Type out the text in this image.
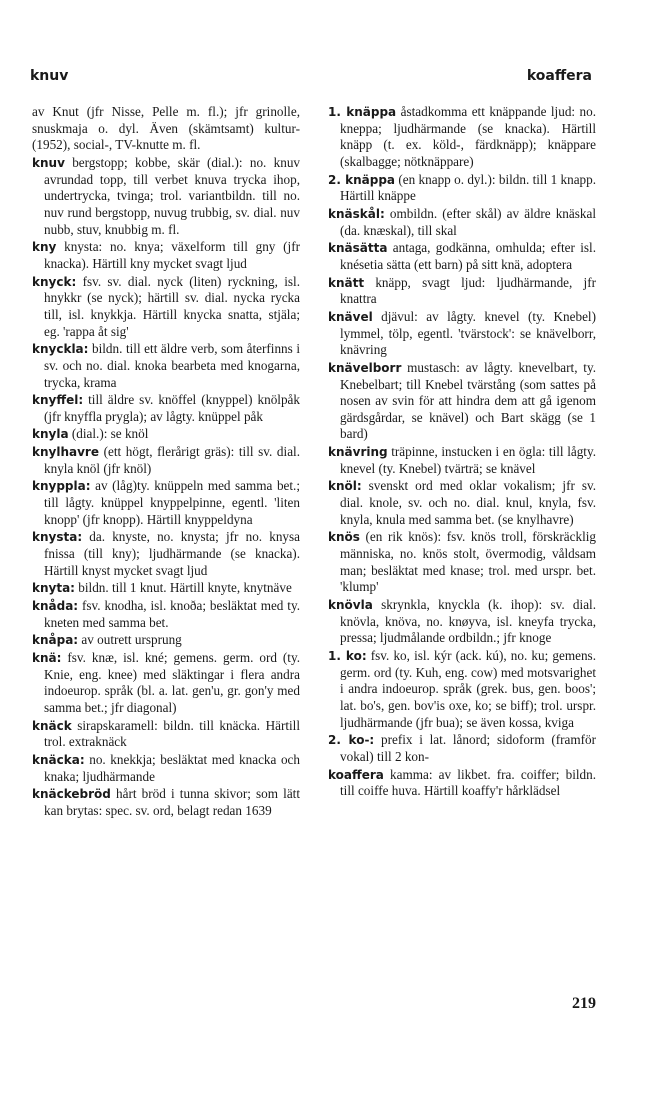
knuv	koaffera

av Knut (jfr Nisse, Pelle m. fl.); jfr grinolle, snuskmaja o. dyl. Även (skämtsamt) kultur- (1952), social-, TV-knutte m. fl.

knuv bergstopp; kobbe, skär (dial.): no. knuv avrundad topp, till verbet knuva trycka ihop, undertrycka, tvinga; trol. variantbildn. till no. nuv rund bergstopp, nuvug trubbig, sv. dial. nuv nubb, stuv, knubbig m. fl.

kny knysta: no. knya; växelform till gny (jfr knacka). Härtill kny mycket svagt ljud

knyck: fsv. sv. dial. nyck (liten) ryckning, isl. hnykkr (se nyck); härtill sv. dial. nycka rycka till, isl. knykkja. Härtill knycka snatta, stjäla; eg. 'rappa åt sig'

knyckla: bildn. till ett äldre verb, som återfinns i sv. och no. dial. knoka bearbeta med knogarna, trycka, krama

knyffel: till äldre sv. knöffel (knyppel) knölpåk (jfr knyffla prygla); av lågty. knüppel påk

knyla (dial.): se knöl

knylhavre (ett högt, flerårigt gräs): till sv. dial. knyla knöl (jfr knöl)

knyppla: av (låg)ty. knüppeln med samma bet.; till lågty. knüppel knyppelpinne, egentl. 'liten knopp' (jfr knopp). Härtill knyppeldyna

knysta: da. knyste, no. knysta; jfr no. knysa fnissa (till kny); ljudhärmande (se knacka). Härtill knyst mycket svagt ljud

knyta: bildn. till 1 knut. Härtill knyte, knytnäve

knåda: fsv. knodha, isl. knoða; besläktat med ty. kneten med samma bet.

knåpa: av outrett ursprung

knä: fsv. knæ, isl. kné; gemens. germ. ord (ty. Knie, eng. knee) med släktingar i flera andra indoeurop. språk (bl. a. lat. gen'u, gr. gon'y med samma bet.; jfr diagonal)

knäck sirapskaramell: bildn. till knäcka. Härtill trol. extraknäck

knäcka: no. knekkja; besläktat med knacka och knaka; ljudhärmande

knäckebröd hårt bröd i tunna skivor; som lätt kan brytas: spec. sv. ord, belagt redan 1639

1. knäppa åstadkomma ett knäppande ljud: no. kneppa; ljudhärmande (se knacka). Härtill knäpp (t. ex. köld-, färdknäpp); knäppare (skalbagge; nötknäppare)

2. knäppa (en knapp o. dyl.): bildn. till 1 knapp. Härtill knäppe

knäskål: ombildn. (efter skål) av äldre knäskal (da. knæskal), till skal

knäsätta antaga, godkänna, omhulda; efter isl. knésetia sätta (ett barn) på sitt knä, adoptera

knätt knäpp, svagt ljud: ljudhärmande, jfr knattra

knävel djävul: av lågty. knevel (ty. Knebel) lymmel, tölp, egentl. 'tvärstock': se knävelborr, knävring

knävelborr mustasch: av lågty. knevelbart, ty. Knebelbart; till Knebel tvärstång (som sattes på nosen av svin för att hindra dem att gå igenom gärdsgårdar, se knävel) och Bart skägg (se 1 bard)

knävring träpinne, instucken i en ögla: till lågty. knevel (ty. Knebel) tvärträ; se knävel

knöl: svenskt ord med oklar vokalism; jfr sv. dial. knole, sv. och no. dial. knul, knyla, fsv. knyla, knula med samma bet. (se knylhavre)

knös (en rik knös): fsv. knös troll, förskräcklig människa, no. knös stolt, övermodig, våldsam man; besläktat med knase; trol. med urspr. bet. 'klump'

knövla skrynkla, knyckla (k. ihop): sv. dial. knövla, knöva, no. knøyva, isl. kneyfa trycka, pressa; ljudmålande ordbildn.; jfr knoge

1. ko: fsv. ko, isl. kýr (ack. kú), no. ku; gemens. germ. ord (ty. Kuh, eng. cow) med motsvarighet i andra indoeurop. språk (grek. bus, gen. boos'; lat. bo's, gen. bov'is oxe, ko; se biff); trol. urspr. ljudhärmande (jfr bua); se även kossa, kviga

2. ko-: prefix i lat. lånord; sidoform (framför vokal) till 2 kon-

koaffera kamma: av likbet. fra. coiffer; bildn. till coiffe huva. Härtill koaffy'r hårklädsel

219
